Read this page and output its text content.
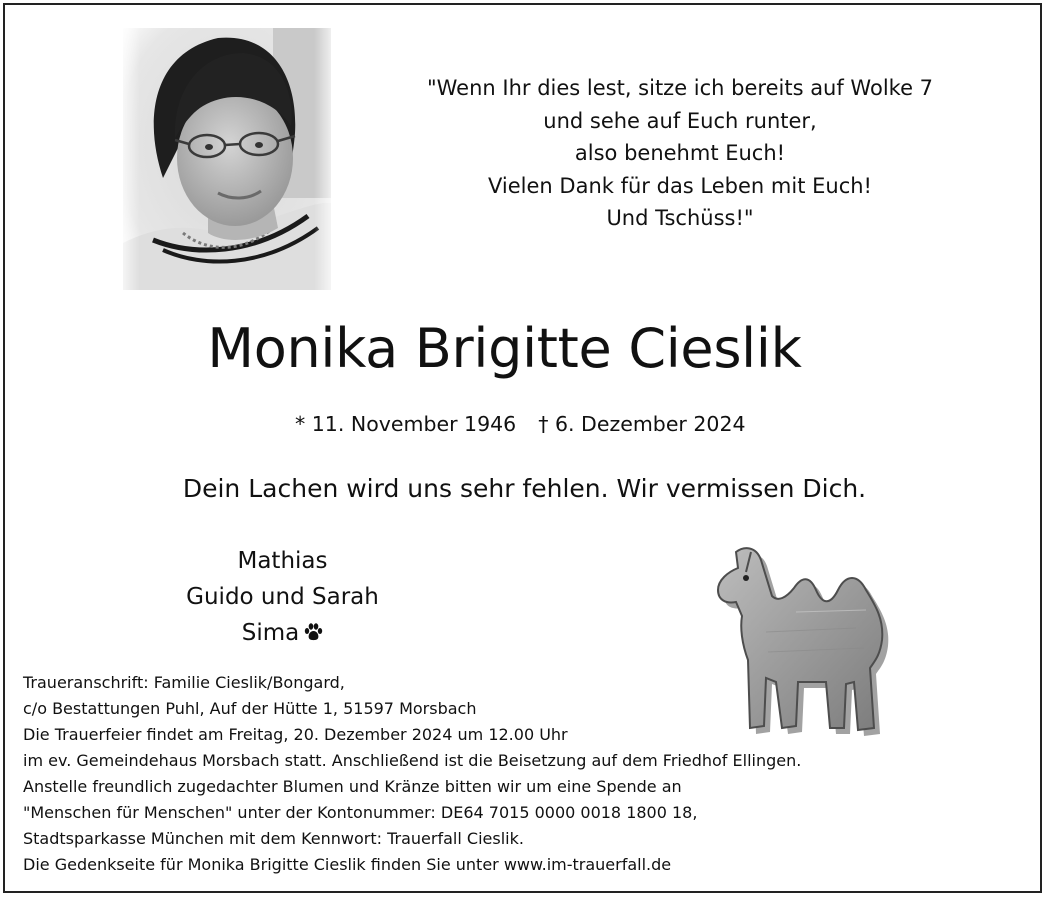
"Wenn Ihr dies lest, sitze ich bereits auf Wolke 7
und sehe auf Euch runter,
also benehmt Euch!
Vielen Dank für das Leben mit Euch!
Und Tschüss!"
Monika Brigitte Cieslik
* 11. November 1946 † 6. Dezember 2024
Dein Lachen wird uns sehr fehlen. Wir vermissen Dich.
Mathias
Guido und Sarah
Sima
Traueranschrift: Familie Cieslik/Bongard,
c/o Bestattungen Puhl, Auf der Hütte 1, 51597 Morsbach
Die Trauerfeier findet am Freitag, 20. Dezember 2024 um 12.00 Uhr
im ev. Gemeindehaus Morsbach statt. Anschließend ist die Beisetzung auf dem Friedhof Ellingen.
Anstelle freundlich zugedachter Blumen und Kränze bitten wir um eine Spende an
"Menschen für Menschen" unter der Kontonummer: DE64 7015 0000 0018 1800 18,
Stadtsparkasse München mit dem Kennwort: Trauerfall Cieslik.
Die Gedenkseite für Monika Brigitte Cieslik finden Sie unter www.im-trauerfall.de
